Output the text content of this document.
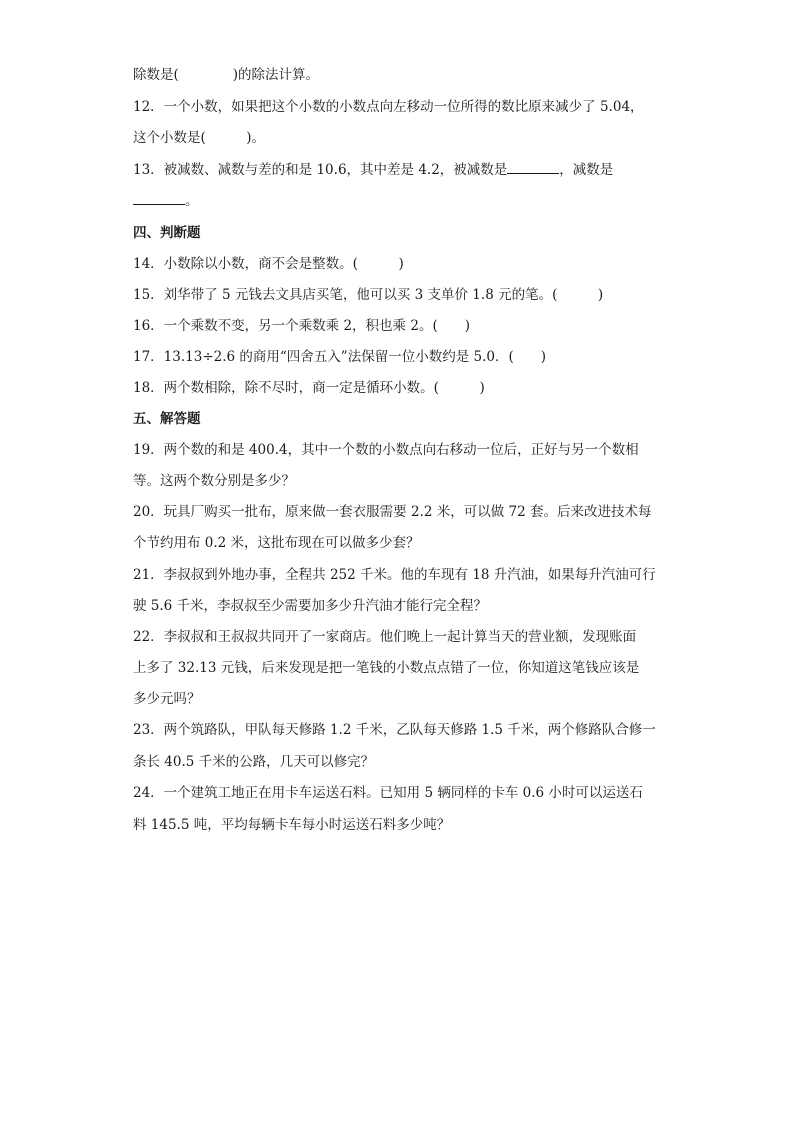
除数是(　　　　)的除法计算。
12．一个小数，如果把这个小数的小数点向左移动一位所得的数比原来减少了 5.04，
这个小数是(　　　)。
13．被减数、减数与差的和是 10.6，其中差是 4.2，被减数是	，减数是
。
四、判断题
14．小数除以小数，商不会是整数。(　　　)
15．刘华带了 5 元钱去文具店买笔，他可以买 3 支单价 1.8 元的笔。(　　　)
16．一个乘数不变，另一个乘数乘 2，积也乘 2。(　　)
17．13.13÷2.6 的商用“四舍五入”法保留一位小数约是 5.0．(　　)
18．两个数相除，除不尽时，商一定是循环小数。(　　　)
五、解答题
19．两个数的和是 400.4，其中一个数的小数点向右移动一位后，正好与另一个数相
等。这两个数分别是多少？
20．玩具厂购买一批布，原来做一套衣服需要 2.2 米，可以做 72 套。后来改进技术每
个节约用布 0.2 米，这批布现在可以做多少套？
21．李叔叔到外地办事，全程共 252 千米。他的车现有 18 升汽油，如果每升汽油可行
驶 5.6 千米，李叔叔至少需要加多少升汽油才能行完全程？
22．李叔叔和王叔叔共同开了一家商店。他们晚上一起计算当天的营业额，发现账面
上多了 32.13 元钱，后来发现是把一笔钱的小数点点错了一位，你知道这笔钱应该是
多少元吗？
23．两个筑路队，甲队每天修路 1.2 千米，乙队每天修路 1.5 千米，两个修路队合修一
条长 40.5 千米的公路，几天可以修完？
24．一个建筑工地正在用卡车运送石料。已知用 5 辆同样的卡车 0.6 小时可以运送石
料 145.5 吨，平均每辆卡车每小时运送石料多少吨？
